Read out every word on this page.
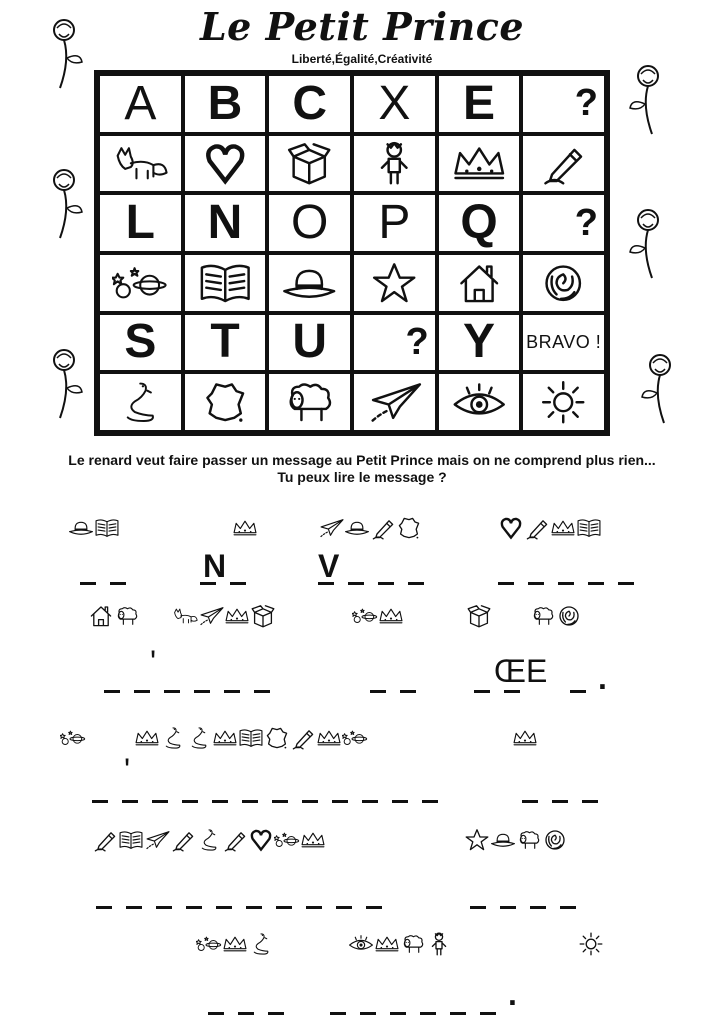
Le Petit Prince
Liberté,Égalité,Créativité
A B C X E ?
L N O P Q ?
S T U ? Y BRAVO !
Le renard veut faire passer un message au Petit Prince mais on ne comprend plus rien...
Tu peux lire le message ?
N	V
'	ŒE .
'
.
